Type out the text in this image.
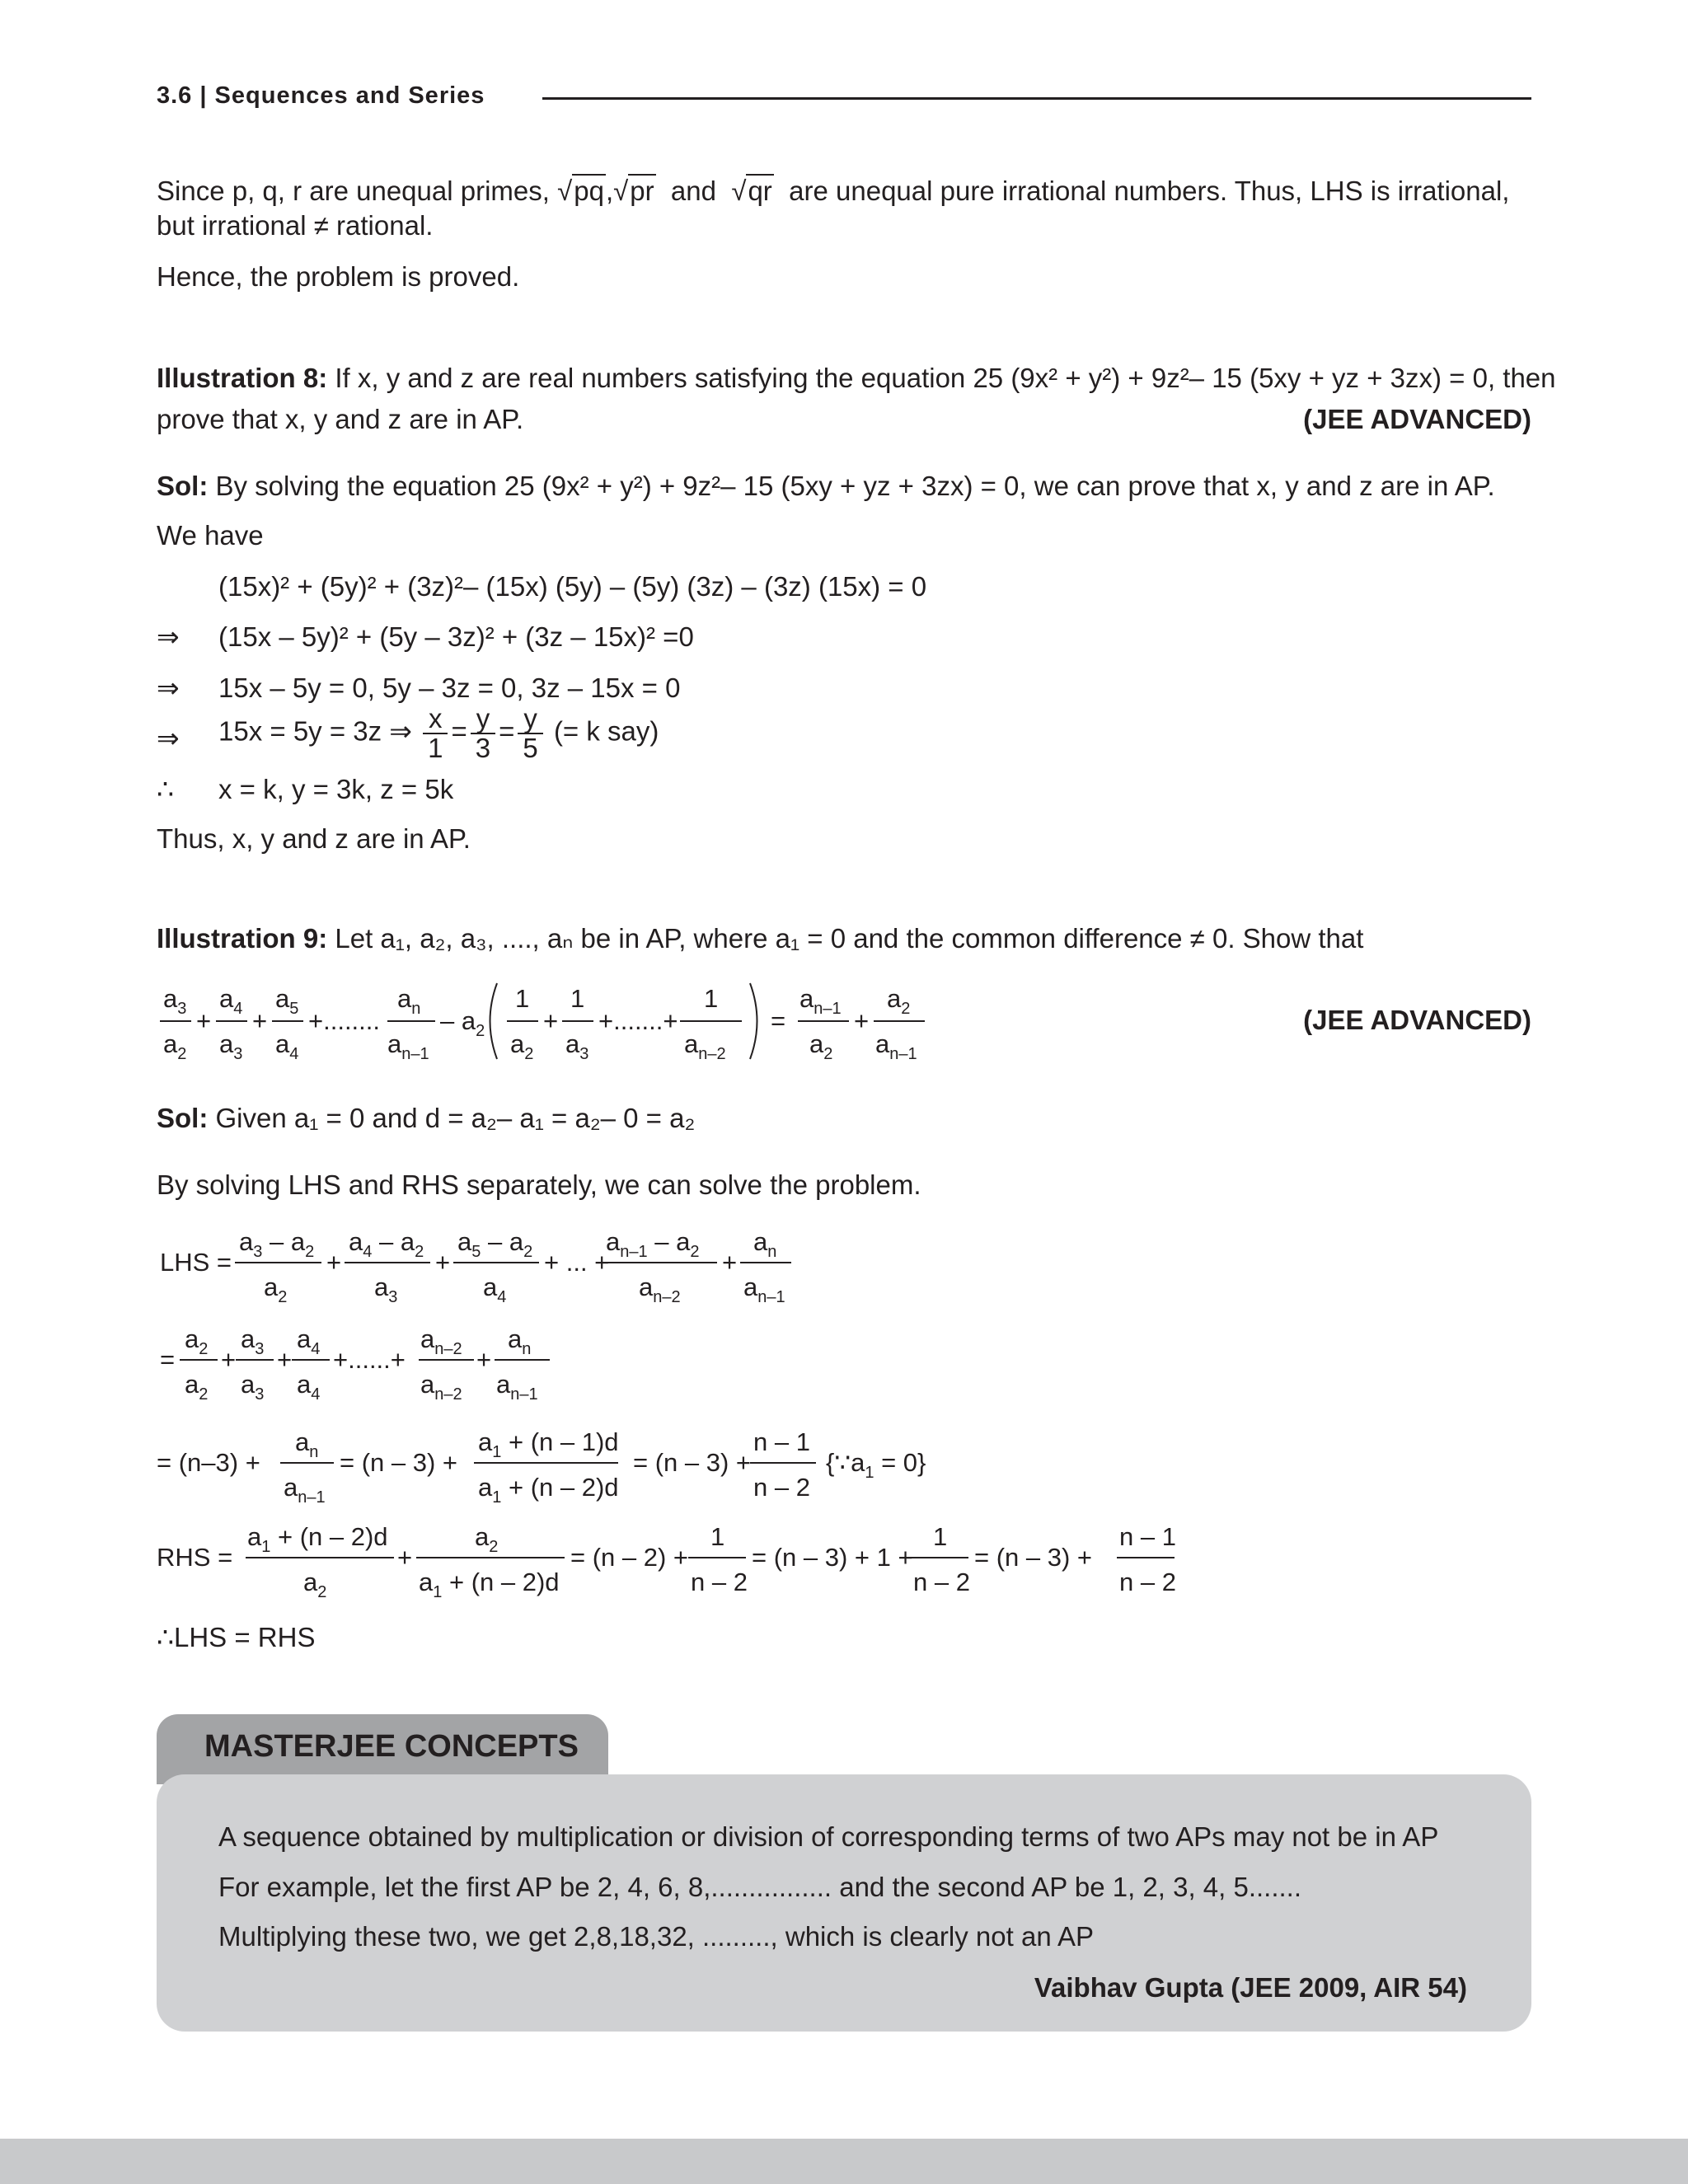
3.6 | Sequences and Series
Since p, q, r are unequal primes, √pq,√pr and √qr are unequal pure irrational numbers. Thus, LHS is irrational,
but irrational ≠ rational.
Hence, the problem is proved.
Illustration 8: If x, y and z are real numbers satisfying the equation 25 (9x² + y²) + 9z²– 15 (5xy + yz + 3zx) = 0, then
prove that x, y and z are in AP.	(JEE ADVANCED)
Sol: By solving the equation 25 (9x² + y²) + 9z²– 15 (5xy + yz + 3zx) = 0, we can prove that x, y and z are in AP.
We have
(15x)² + (5y)² + (3z)²– (15x) (5y) – (5y) (3z) – (3z) (15x) = 0
⇒ (15x – 5y)² + (5y – 3z)² + (3z – 15x)² =0
⇒ 15x – 5y = 0, 5y – 3z = 0, 3z – 15x = 0
⇒ 15x = 5y = 3z ⇒ $\frac{x}{1} = \frac{y}{3} = \frac{y}{5}$ (= k say)
∴ x = k, y = 3k, z = 5k
Thus, x, y and z are in AP.
Illustration 9: Let a₁, a₂, a₃, ...., aₙ be in AP, where a₁ = 0 and the common difference ≠ 0. Show that
$a_3$
$a_2$
+
$a_4$
$a_3$
+
$a_5$
$a_4$
+........
$a_n$
$a_{n-1}$
– $a_2$
1
$a_2$
+
1
$a_3$
+.......+
1
$a_{n-2}$
=
$a_{n-1}$
$a_2$
+
$a_2$
$a_{n-1}$
(JEE ADVANCED)
Sol: Given a₁ = 0 and d = a₂– a₁ = a₂– 0 = a₂
By solving LHS and RHS separately, we can solve the problem.
LHS =
$a_3 - a_2$
$a_2$
+
$a_4 - a_2$
$a_3$
+
$a_5 - a_2$
$a_4$
+ ... +
$a_{n-1} - a_2$
$a_{n-2}$
+
$a_n$
$a_{n-1}$
=
$a_2$
$a_2$
+
$a_3$
$a_3$
+
$a_4$
$a_4$
+......+
$a_{n-2}$
$a_{n-2}$
+
$a_n$
$a_{n-1}$
= (n–3) +
$a_n$
$a_{n-1}$
= (n – 3) +
$a_1 + (n - 1)d$
$a_1 + (n - 2)d$
= (n – 3) +
n – 1
n – 2
$\{\because a_1 = 0\}$
RHS =
$a_1 + (n - 2)d$
$a_2$
+
$a_2$
$a_1 + (n - 2)d$
= (n – 2) +
1
n – 2
= (n – 3) + 1 +
1
n – 2
= (n – 3) +
n – 1
n – 2
∴LHS = RHS
MASTERJEE CONCEPTS
A sequence obtained by multiplication or division of corresponding terms of two APs may not be in AP
For example, let the first AP be 2, 4, 6, 8,................ and the second AP be 1, 2, 3, 4, 5.......
Multiplying these two, we get 2,8,18,32, ........., which is clearly not an AP
Vaibhav Gupta (JEE 2009, AIR 54)
